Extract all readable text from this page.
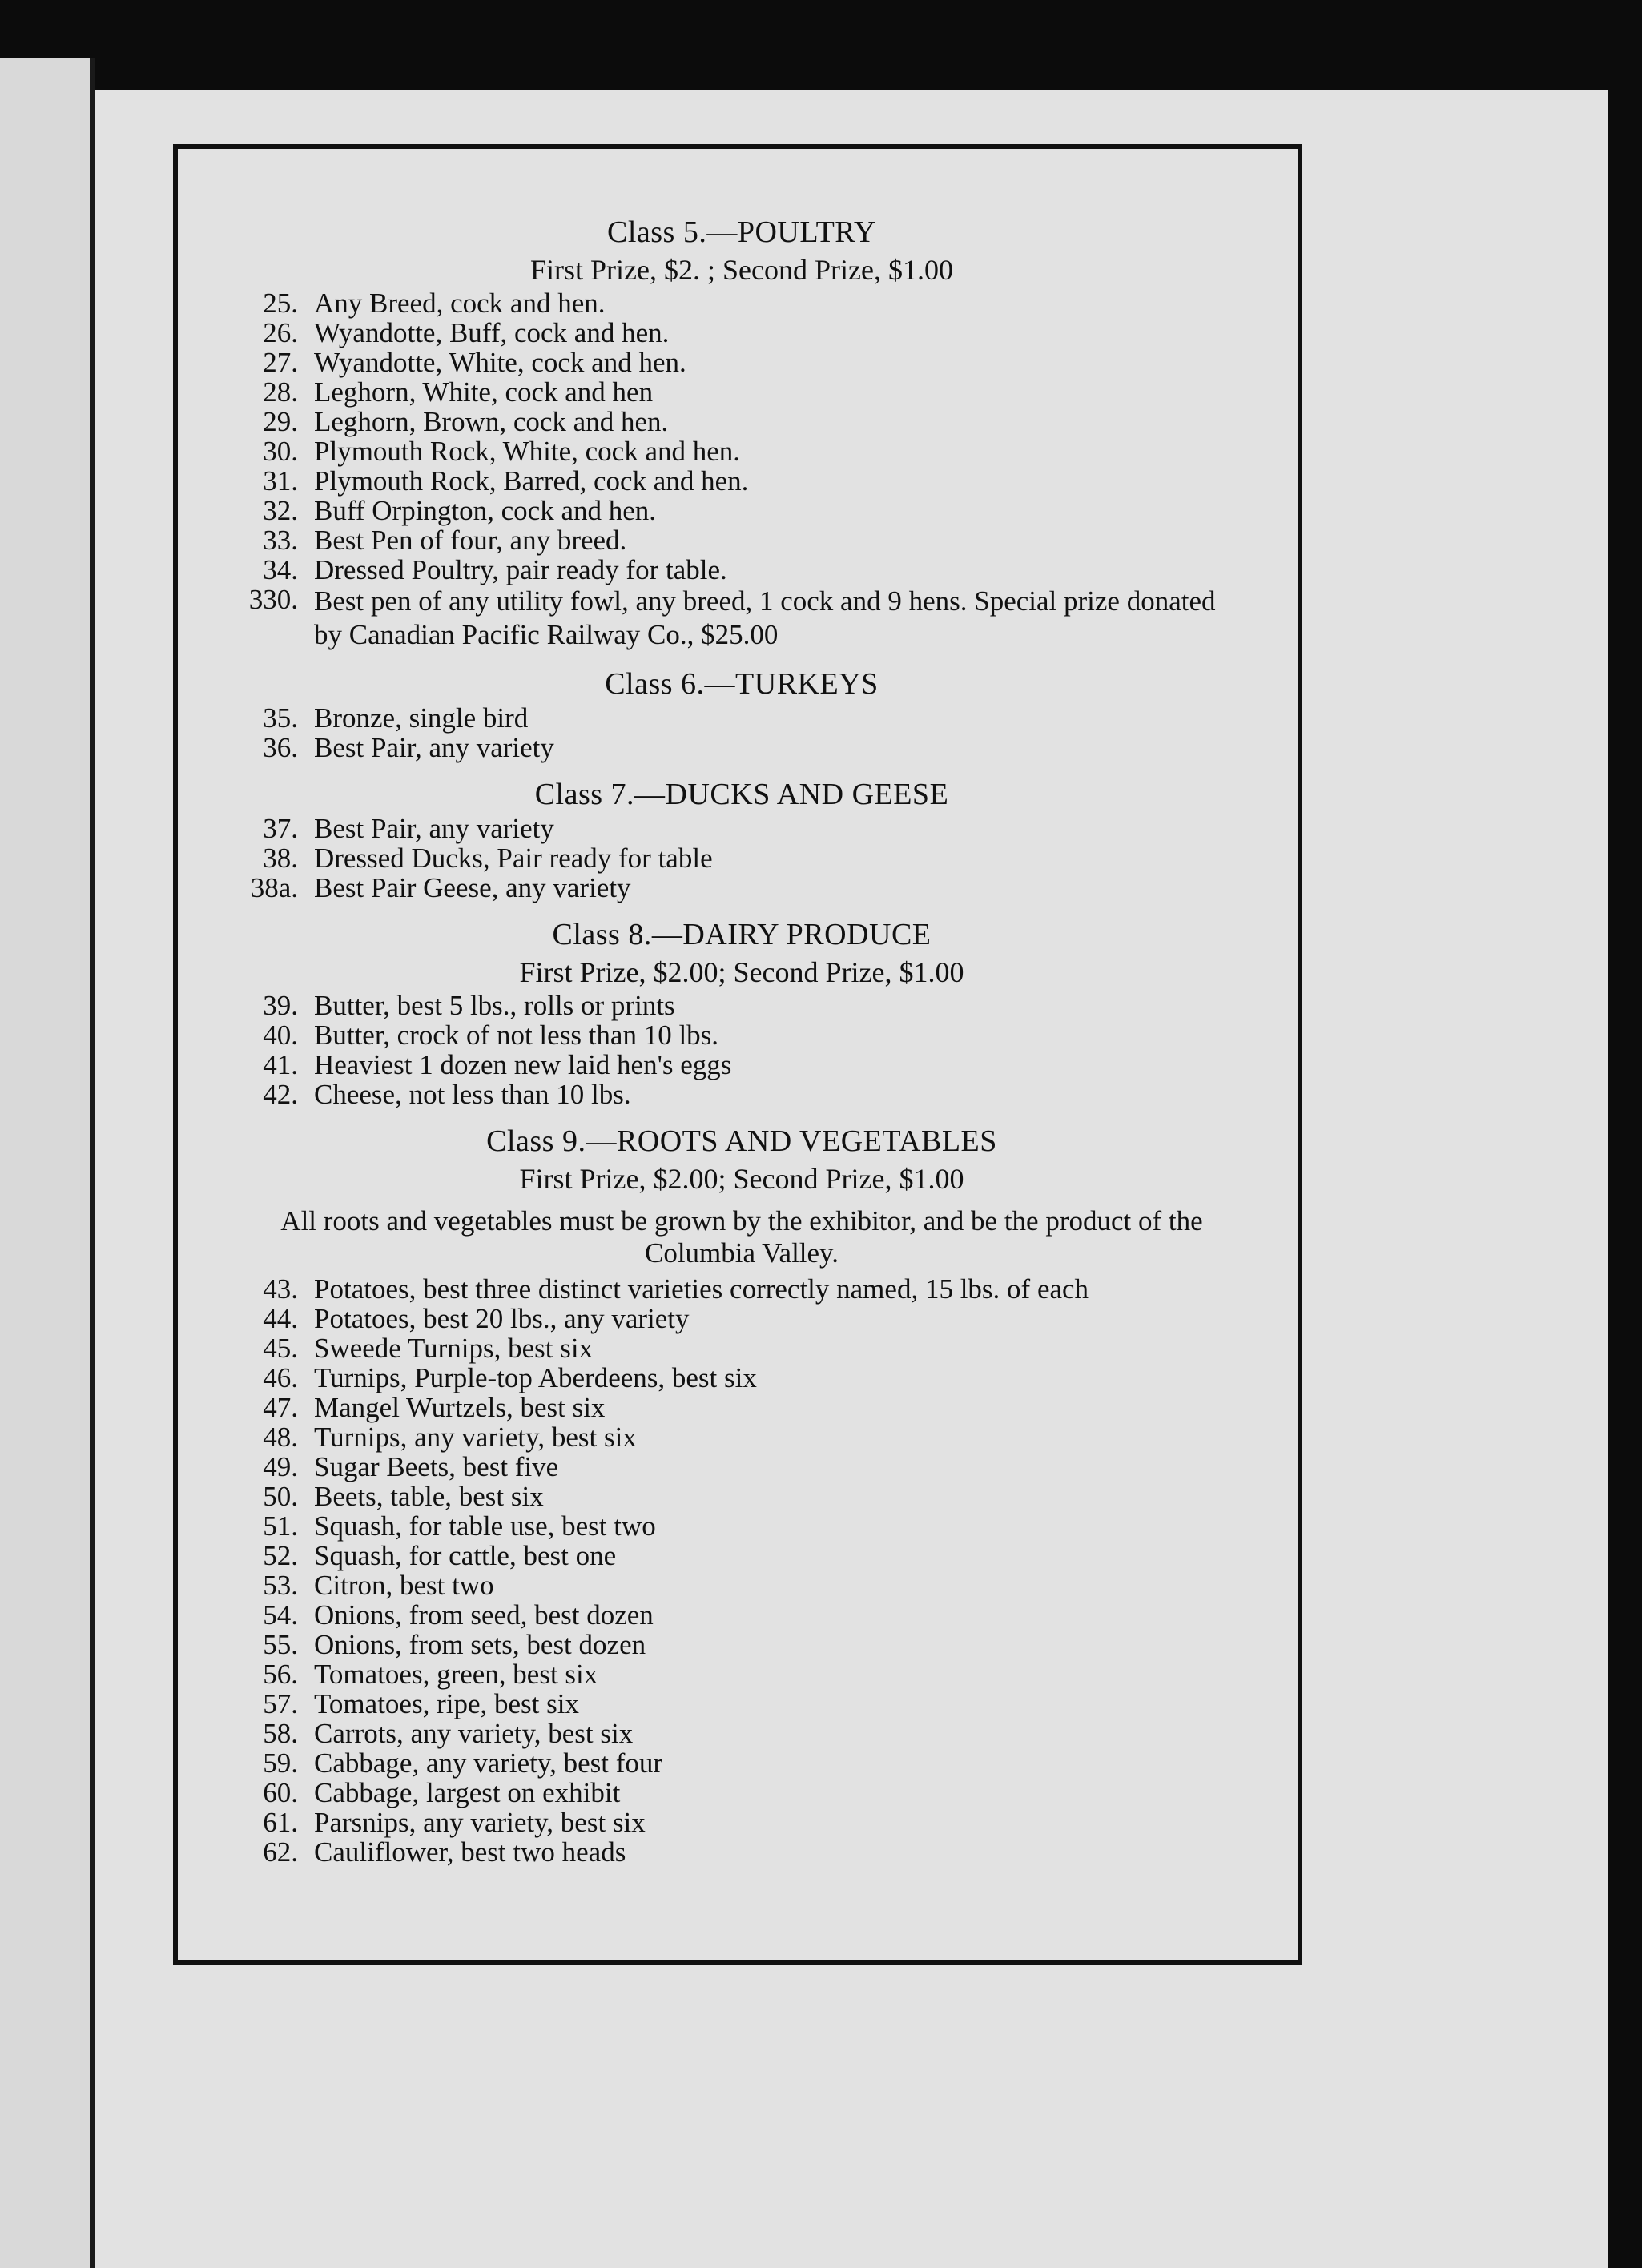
Class 5.—POULTRY
First Prize, $2. ; Second Prize, $1.00
25. Any Breed, cock and hen.
26. Wyandotte, Buff, cock and hen.
27. Wyandotte, White, cock and hen.
28. Leghorn, White, cock and hen
29. Leghorn, Brown, cock and hen.
30. Plymouth Rock, White, cock and hen.
31. Plymouth Rock, Barred, cock and hen.
32. Buff Orpington, cock and hen.
33. Best Pen of four, any breed.
34. Dressed Poultry, pair ready for table.
330. Best pen of any utility fowl, any breed, 1 cock and 9 hens. Special prize donated by Canadian Pacific Railway Co., $25.00
Class 6.—TURKEYS
35. Bronze, single bird
36. Best Pair, any variety
Class 7.—DUCKS AND GEESE
37. Best Pair, any variety
38. Dressed Ducks, Pair ready for table
38a. Best Pair Geese, any variety
Class 8.—DAIRY PRODUCE
First Prize, $2.00; Second Prize, $1.00
39. Butter, best 5 lbs., rolls or prints
40. Butter, crock of not less than 10 lbs.
41. Heaviest 1 dozen new laid hen's eggs
42. Cheese, not less than 10 lbs.
Class 9.—ROOTS AND VEGETABLES
First Prize, $2.00; Second Prize, $1.00
All roots and vegetables must be grown by the exhibitor, and be the product of the Columbia Valley.
43. Potatoes, best three distinct varieties correctly named, 15 lbs. of each
44. Potatoes, best 20 lbs., any variety
45. Sweede Turnips, best six
46. Turnips, Purple-top Aberdeens, best six
47. Mangel Wurtzels, best six
48. Turnips, any variety, best six
49. Sugar Beets, best five
50. Beets, table, best six
51. Squash, for table use, best two
52. Squash, for cattle, best one
53. Citron, best two
54. Onions, from seed, best dozen
55. Onions, from sets, best dozen
56. Tomatoes, green, best six
57. Tomatoes, ripe, best six
58. Carrots, any variety, best six
59. Cabbage, any variety, best four
60. Cabbage, largest on exhibit
61. Parsnips, any variety, best six
62. Cauliflower, best two heads
